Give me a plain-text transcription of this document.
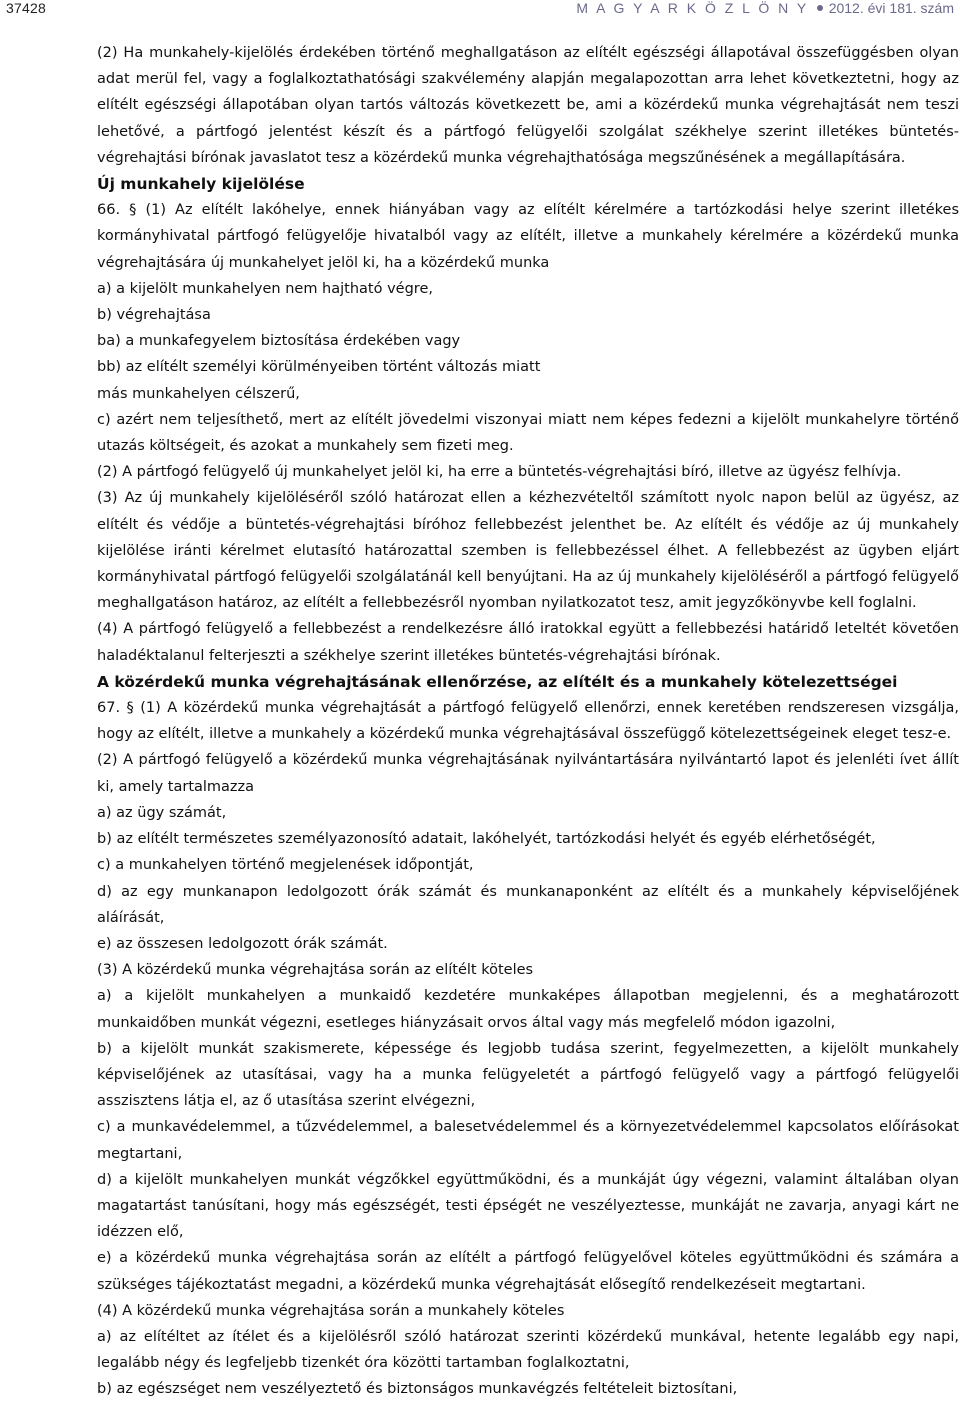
37428	M A G Y A R K Ö Z L Ö N Y 2012. évi 181. szám

(2) Ha munkahely-kijelölés érdekében történő meghallgatáson az elítélt egészségi állapotával összefüggésben olyan adat merül fel, vagy a foglalkoztathatósági szakvélemény alapján megalapozottan arra lehet következtetni, hogy az elítélt egészségi állapotában olyan tartós változás következett be, ami a közérdekű munka végrehajtását nem teszi lehetővé, a pártfogó jelentést készít és a pártfogó felügyelői szolgálat székhelye szerint illetékes büntetés-végrehajtási bírónak javaslatot tesz a közérdekű munka végrehajthatósága megszűnésének a megállapítására.

Új munkahely kijelölése

66. § (1) Az elítélt lakóhelye, ennek hiányában vagy az elítélt kérelmére a tartózkodási helye szerint illetékes kormányhivatal pártfogó felügyelője hivatalból vagy az elítélt, illetve a munkahely kérelmére a közérdekű munka végrehajtására új munkahelyet jelöl ki, ha a közérdekű munka

a) a kijelölt munkahelyen nem hajtható végre,

b) végrehajtása

ba) a munkafegyelem biztosítása érdekében vagy

bb) az elítélt személyi körülményeiben történt változás miatt

más munkahelyen célszerű,

c) azért nem teljesíthető, mert az elítélt jövedelmi viszonyai miatt nem képes fedezni a kijelölt munkahelyre történő utazás költségeit, és azokat a munkahely sem fizeti meg.

(2) A pártfogó felügyelő új munkahelyet jelöl ki, ha erre a büntetés-végrehajtási bíró, illetve az ügyész felhívja.

(3) Az új munkahely kijelöléséről szóló határozat ellen a kézhezvételtől számított nyolc napon belül az ügyész, az elítélt és védője a büntetés-végrehajtási bíróhoz fellebbezést jelenthet be. Az elítélt és védője az új munkahely kijelölése iránti kérelmet elutasító határozattal szemben is fellebbezéssel élhet. A fellebbezést az ügyben eljárt kormányhivatal pártfogó felügyelői szolgálatánál kell benyújtani. Ha az új munkahely kijelöléséről a pártfogó felügyelő meghallgatáson határoz, az elítélt a fellebbezésről nyomban nyilatkozatot tesz, amit jegyzőkönyvbe kell foglalni.

(4) A pártfogó felügyelő a fellebbezést a rendelkezésre álló iratokkal együtt a fellebbezési határidő leteltét követően haladéktalanul felterjeszti a székhelye szerint illetékes büntetés-végrehajtási bírónak.

A közérdekű munka végrehajtásának ellenőrzése, az elítélt és a munkahely kötelezettségei

67. § (1) A közérdekű munka végrehajtását a pártfogó felügyelő ellenőrzi, ennek keretében rendszeresen vizsgálja, hogy az elítélt, illetve a munkahely a közérdekű munka végrehajtásával összefüggő kötelezettségeinek eleget tesz-e.

(2) A pártfogó felügyelő a közérdekű munka végrehajtásának nyilvántartására nyilvántartó lapot és jelenléti ívet állít ki, amely tartalmazza

a) az ügy számát,

b) az elítélt természetes személyazonosító adatait, lakóhelyét, tartózkodási helyét és egyéb elérhetőségét,

c) a munkahelyen történő megjelenések időpontját,

d) az egy munkanapon ledolgozott órák számát és munkanaponként az elítélt és a munkahely képviselőjének aláírását,

e) az összesen ledolgozott órák számát.

(3) A közérdekű munka végrehajtása során az elítélt köteles

a) a kijelölt munkahelyen a munkaidő kezdetére munkaképes állapotban megjelenni, és a meghatározott munkaidőben munkát végezni, esetleges hiányzásait orvos által vagy más megfelelő módon igazolni,

b) a kijelölt munkát szakismerete, képessége és legjobb tudása szerint, fegyelmezetten, a kijelölt munkahely képviselőjének az utasításai, vagy ha a munka felügyeletét a pártfogó felügyelő vagy a pártfogó felügyelői asszisztens látja el, az ő utasítása szerint elvégezni,

c) a munkavédelemmel, a tűzvédelemmel, a balesetvédelemmel és a környezetvédelemmel kapcsolatos előírásokat megtartani,

d) a kijelölt munkahelyen munkát végzőkkel együttműködni, és a munkáját úgy végezni, valamint általában olyan magatartást tanúsítani, hogy más egészségét, testi épségét ne veszélyeztesse, munkáját ne zavarja, anyagi kárt ne idézzen elő,

e) a közérdekű munka végrehajtása során az elítélt a pártfogó felügyelővel köteles együttműködni és számára a szükséges tájékoztatást megadni, a közérdekű munka végrehajtását elősegítő rendelkezéseit megtartani.

(4) A közérdekű munka végrehajtása során a munkahely köteles

a) az elítéltet az ítélet és a kijelölésről szóló határozat szerinti közérdekű munkával, hetente legalább egy napi, legalább négy és legfeljebb tizenkét óra közötti tartamban foglalkoztatni,

b) az egészséget nem veszélyeztető és biztonságos munkavégzés feltételeit biztosítani,
